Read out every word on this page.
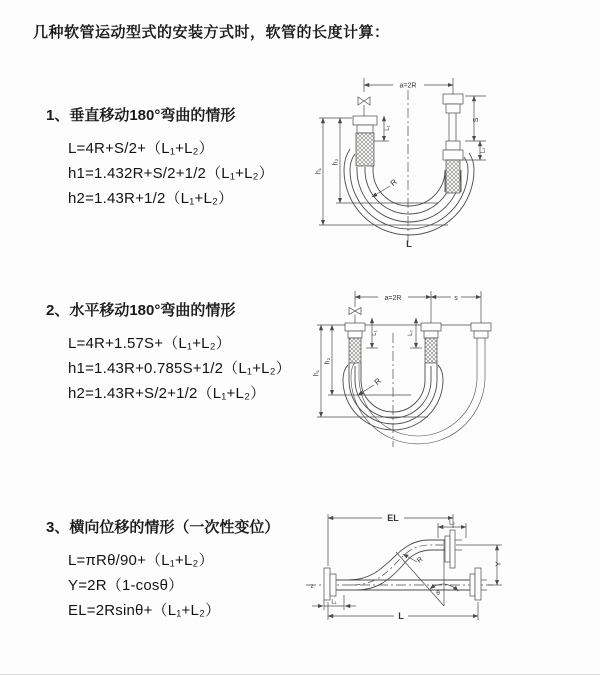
几种软管运动型式的安装方式时，软管的长度计算：
1、垂直移动180°弯曲的情形

L=4R+S/2+（L₁+L₂）

h1=1.432R+S/2+1/2（L₁+L₂）

h2=1.43R+1/2（L₁+L₂）

a=2R
L₁
S
L₂
h₁
h₂
R
L
2、水平移动180°弯曲的情形

L=4R+1.57S+（L₁+L₂）

h1=1.43R+0.785S+1/2（L₁+L₂）

h2=1.43R+S/2+1/2（L₁+L₂）

a=2R	s
L₁	L₂
h₁
h₂
R
3、横向位移的情形（一次性变位）

L=πRθ/90+（L₁+L₂）

Y=2R（1-cosθ）

EL=2Rsinθ+（L₁+L₂）

EL
L₂
Y
R
θ
L
L₁
z
